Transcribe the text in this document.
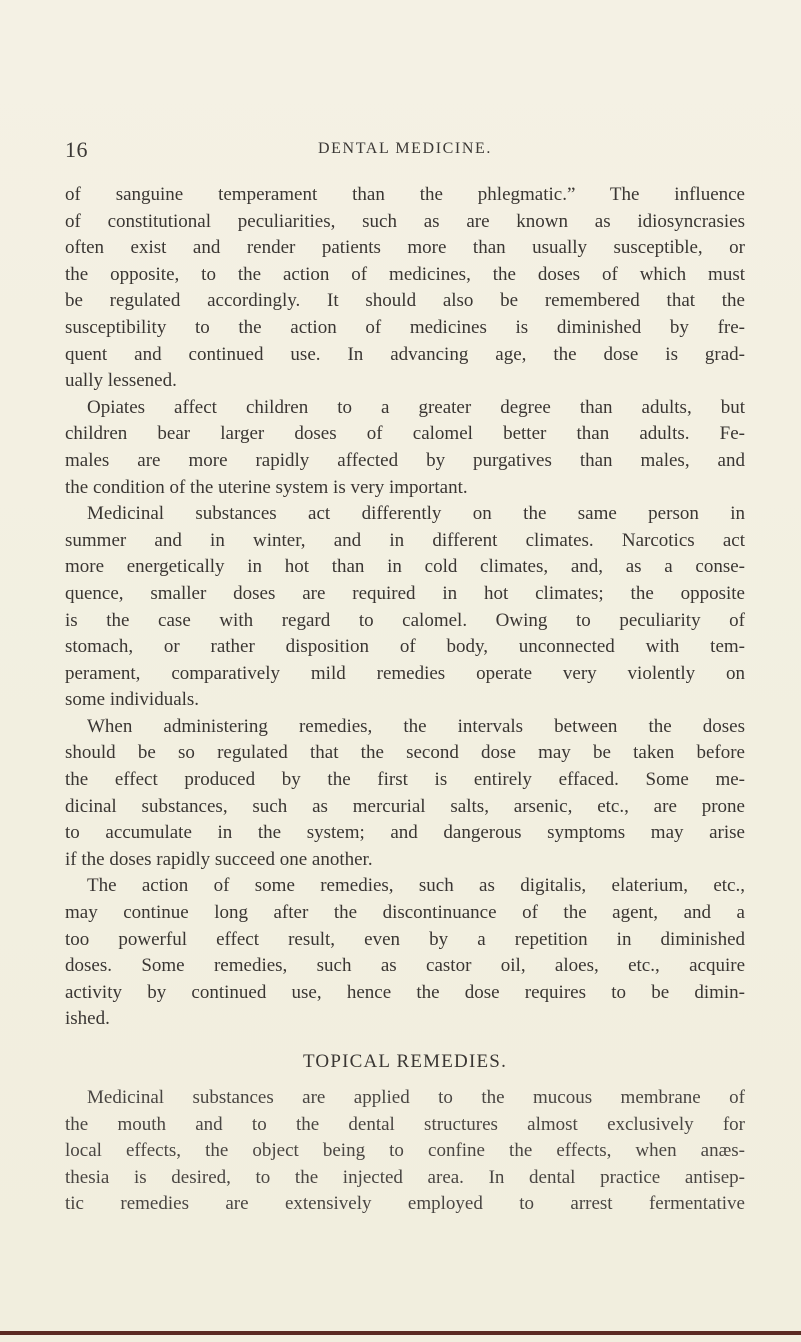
16	DENTAL MEDICINE.
of sanguine temperament than the phlegmatic.” The influence
of constitutional peculiarities, such as are known as idiosyncrasies
often exist and render patients more than usually susceptible, or
the opposite, to the action of medicines, the doses of which must
be regulated accordingly. It should also be remembered that the
susceptibility to the action of medicines is diminished by fre-
quent and continued use. In advancing age, the dose is grad-
ually lessened.
Opiates affect children to a greater degree than adults, but
children bear larger doses of calomel better than adults. Fe-
males are more rapidly affected by purgatives than males, and
the condition of the uterine system is very important.
Medicinal substances act differently on the same person in
summer and in winter, and in different climates. Narcotics act
more energetically in hot than in cold climates, and, as a conse-
quence, smaller doses are required in hot climates; the opposite
is the case with regard to calomel. Owing to peculiarity of
stomach, or rather disposition of body, unconnected with tem-
perament, comparatively mild remedies operate very violently on
some individuals.
When administering remedies, the intervals between the doses
should be so regulated that the second dose may be taken before
the effect produced by the first is entirely effaced. Some me-
dicinal substances, such as mercurial salts, arsenic, etc., are prone
to accumulate in the system; and dangerous symptoms may arise
if the doses rapidly succeed one another.
The action of some remedies, such as digitalis, elaterium, etc.,
may continue long after the discontinuance of the agent, and a
too powerful effect result, even by a repetition in diminished
doses. Some remedies, such as castor oil, aloes, etc., acquire
activity by continued use, hence the dose requires to be dimin-
ished.
TOPICAL REMEDIES.
Medicinal substances are applied to the mucous membrane of
the mouth and to the dental structures almost exclusively for
local effects, the object being to confine the effects, when anæs-
thesia is desired, to the injected area. In dental practice antisep-
tic remedies are extensively employed to arrest fermentative
